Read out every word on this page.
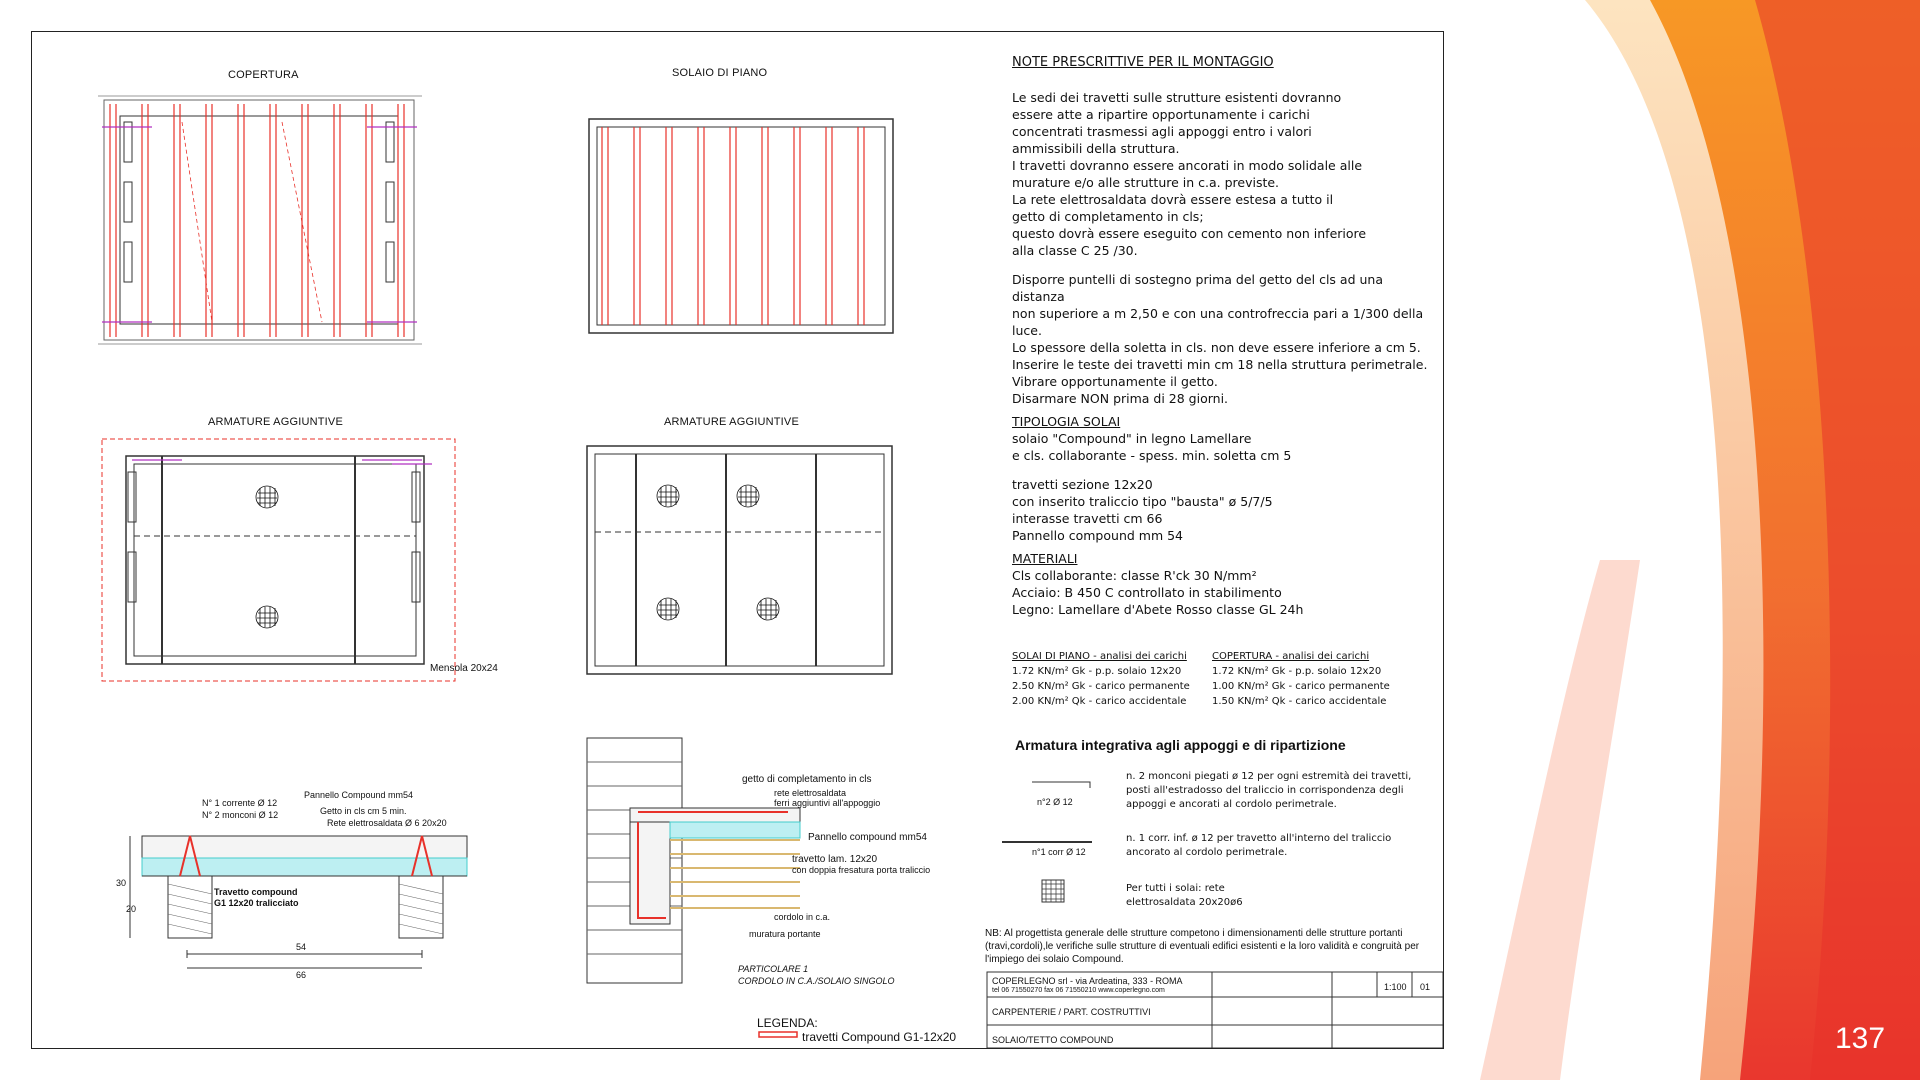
COPERTURA	SOLAIO DI PIANO
ARMATURE AGGIUNTIVE	ARMATURE AGGIUNTIVE
Mensola 20x24
NOTE PRESCRITTIVE PER IL MONTAGGIO

Le sedi dei travetti sulle strutture esistenti dovranno

essere atte a ripartire opportunamente i carichi

concentrati trasmessi agli appoggi entro i valori

ammissibili della struttura.

I travetti dovranno essere ancorati in modo solidale alle

murature e/o alle strutture in c.a. previste.

La rete elettrosaldata dovrà essere estesa a tutto il

getto di completamento in cls;

questo dovrà essere eseguito con cemento non inferiore

alla classe C 25 /30.

Disporre puntelli di sostegno prima del getto del cls ad una distanza

non superiore a m 2,50 e con una controfreccia pari a 1/300 della

luce.

Lo spessore della soletta in cls. non deve essere inferiore a cm 5.

Inserire le teste dei travetti min cm 18 nella struttura perimetrale.

Vibrare opportunamente il getto.

Disarmare NON prima di 28 giorni.

TIPOLOGIA SOLAI

solaio "Compound" in legno Lamellare

e cls. collaborante - spess. min. soletta cm 5

travetti sezione 12x20

con inserito traliccio tipo "bausta" ø 5/7/5

interasse travetti cm 66

Pannello compound mm 54

MATERIALI

Cls collaborante: classe R'ck 30 N/mm²

Acciaio: B 450 C controllato in stabilimento

Legno: Lamellare d'Abete Rosso classe GL 24h

SOLAI DI PIANO - analisi dei carichi
1.72 KN/m² Gk - p.p. solaio 12x20
2.50 KN/m² Gk - carico permanente
2.00 KN/m² Qk - carico accidentale
COPERTURA - analisi dei carichi
1.72 KN/m² Gk - p.p. solaio 12x20
1.00 KN/m² Gk - carico permanente
1.50 KN/m² Qk - carico accidentale
Armatura integrativa agli appoggi e di ripartizione
n°2 Ø 12
n. 2 monconi piegati ø 12 per ogni estremità dei travetti, posti all'estradosso del traliccio in corrispondenza degli appoggi e ancorati al cordolo perimetrale.
n°1 corr Ø 12
n. 1 corr. inf. ø 12 per travetto all'interno del traliccio ancorato al cordolo perimetrale.
Per tutti i solai: rete elettrosaldata 20x20ø6
NB: Al progettista generale delle strutture competono i dimensionamenti delle strutture portanti (travi,cordoli),le verifiche sulle strutture di eventuali edifici esistenti e la loro validità e congruità per l'impiego dei solaio Compound.
N° 1 corrente Ø 12
N° 2 monconi Ø 12
Pannello Compound mm54
Getto in cls cm 5 min.
Rete elettrosaldata Ø 6 20x20
Travetto compound
G1 12x20 tralicciato
54
66
30
20
getto di completamento in cls
rete elettrosaldata
ferri aggiuntivi all'appoggio
Pannello compound mm54
travetto lam. 12x20
con doppia fresatura porta traliccio
cordolo in c.a.
muratura portante
PARTICOLARE 1
CORDOLO IN C.A./SOLAIO SINGOLO
LEGENDA:
travetti Compound G1-12x20
COPERLEGNO srl - via Ardeatina, 333 - ROMA
tel 06 71550270 fax 06 71550210 www.coperlegno.com
CARPENTERIE / PART. COSTRUTTIVI
SOLAIO/TETTO COMPOUND
1:100 01
137
